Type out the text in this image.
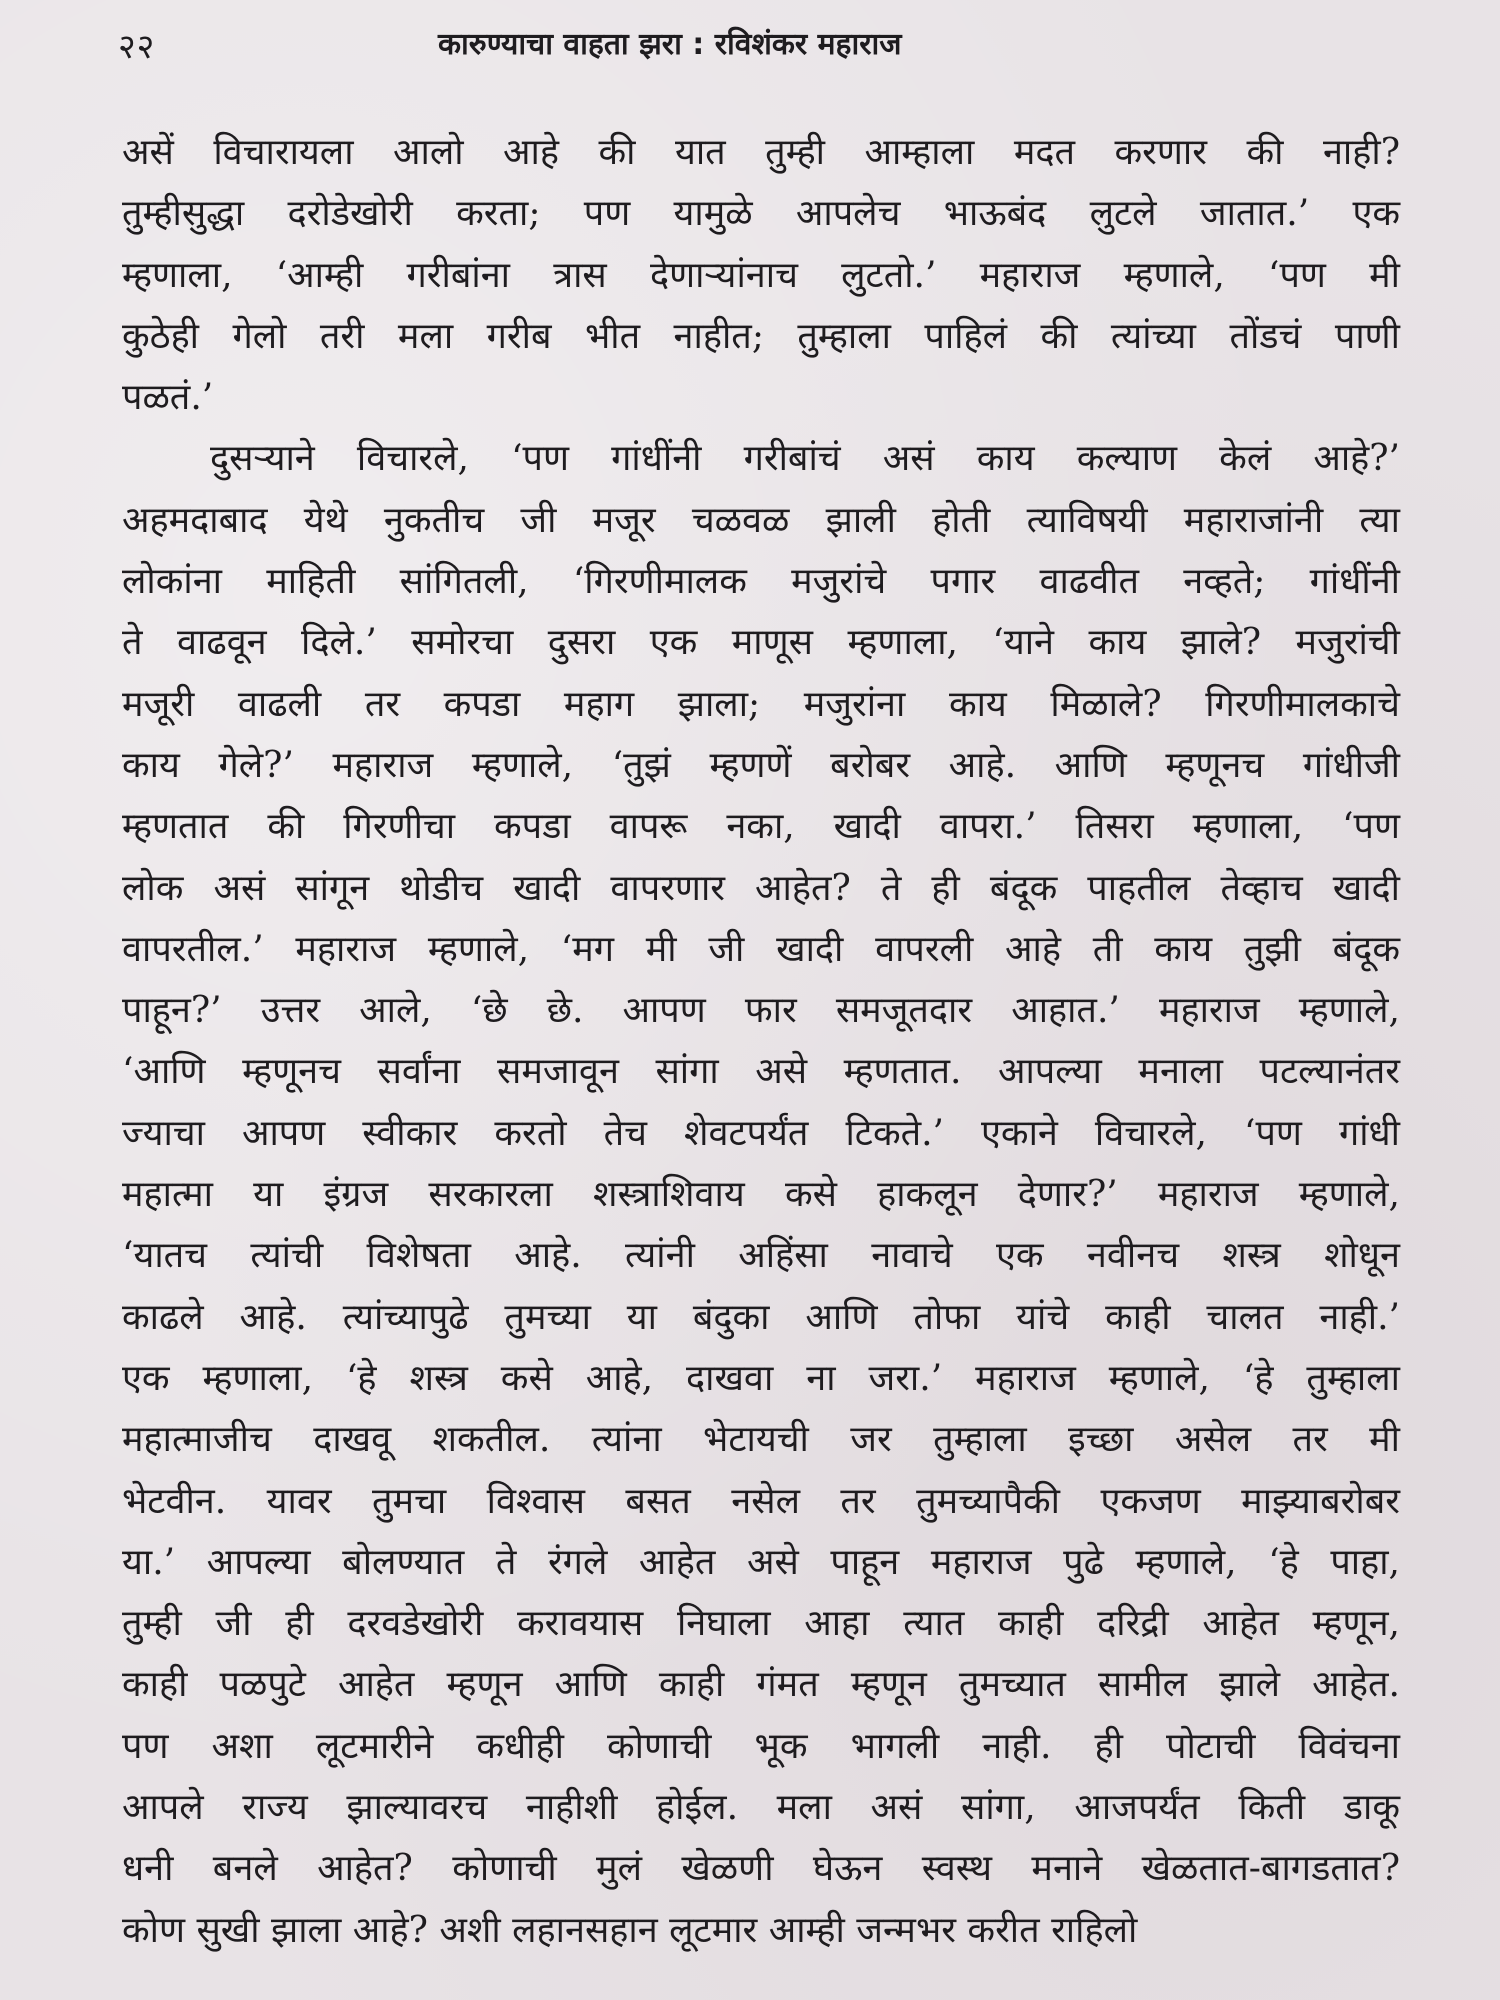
२२	कारुण्याचा वाहता झरा : रविशंकर महाराज
असें विचारायला आलो आहे की यात तुम्ही आम्हाला मदत करणार की नाही?
तुम्हीसुद्धा दरोडेखोरी करता; पण यामुळे आपलेच भाऊबंद लुटले जातात.’ एक
म्हणाला, ‘आम्ही गरीबांना त्रास देणाऱ्यांनाच लुटतो.’ महाराज म्हणाले, ‘पण मी
कुठेही गेलो तरी मला गरीब भीत नाहीत; तुम्हाला पाहिलं की त्यांच्या तोंडचं पाणी
पळतं.’
दुसऱ्याने विचारले, ‘पण गांधींनी गरीबांचं असं काय कल्याण केलं आहे?’
अहमदाबाद येथे नुकतीच जी मजूर चळवळ झाली होती त्याविषयी महाराजांनी त्या
लोकांना माहिती सांगितली, ‘गिरणीमालक मजुरांचे पगार वाढवीत नव्हते; गांधींनी
ते वाढवून दिले.’ समोरचा दुसरा एक माणूस म्हणाला, ‘याने काय झाले? मजुरांची
मजूरी वाढली तर कपडा महाग झाला; मजुरांना काय मिळाले? गिरणीमालकाचे
काय गेले?’ महाराज म्हणाले, ‘तुझं म्हणणें बरोबर आहे. आणि म्हणूनच गांधीजी
म्हणतात की गिरणीचा कपडा वापरू नका, खादी वापरा.’ तिसरा म्हणाला, ‘पण
लोक असं सांगून थोडीच खादी वापरणार आहेत? ते ही बंदूक पाहतील तेव्हाच खादी
वापरतील.’ महाराज म्हणाले, ‘मग मी जी खादी वापरली आहे ती काय तुझी बंदूक
पाहून?’ उत्तर आले, ‘छे छे. आपण फार समजूतदार आहात.’ महाराज म्हणाले,
‘आणि म्हणूनच सर्वांना समजावून सांगा असे म्हणतात. आपल्या मनाला पटल्यानंतर
ज्याचा आपण स्वीकार करतो तेच शेवटपर्यंत टिकते.’ एकाने विचारले, ‘पण गांधी
महात्मा या इंग्रज सरकारला शस्त्राशिवाय कसे हाकलून देणार?’ महाराज म्हणाले,
‘यातच त्यांची विशेषता आहे. त्यांनी अहिंसा नावाचे एक नवीनच शस्त्र शोधून
काढले आहे. त्यांच्यापुढे तुमच्या या बंदुका आणि तोफा यांचे काही चालत नाही.’
एक म्हणाला, ‘हे शस्त्र कसे आहे, दाखवा ना जरा.’ महाराज म्हणाले, ‘हे तुम्हाला
महात्माजीच दाखवू शकतील. त्यांना भेटायची जर तुम्हाला इच्छा असेल तर मी
भेटवीन. यावर तुमचा विश्वास बसत नसेल तर तुमच्यापैकी एकजण माझ्याबरोबर
या.’ आपल्या बोलण्यात ते रंगले आहेत असे पाहून महाराज पुढे म्हणाले, ‘हे पाहा,
तुम्ही जी ही दरवडेखोरी करावयास निघाला आहा त्यात काही दरिद्री आहेत म्हणून,
काही पळपुटे आहेत म्हणून आणि काही गंमत म्हणून तुमच्यात सामील झाले आहेत.
पण अशा लूटमारीने कधीही कोणाची भूक भागली नाही. ही पोटाची विवंचना
आपले राज्य झाल्यावरच नाहीशी होईल. मला असं सांगा, आजपर्यंत किती डाकू
धनी बनले आहेत? कोणाची मुलं खेळणी घेऊन स्वस्थ मनाने खेळतात-बागडतात?
कोण सुखी झाला आहे? अशी लहानसहान लूटमार आम्ही जन्मभर करीत राहिलो
